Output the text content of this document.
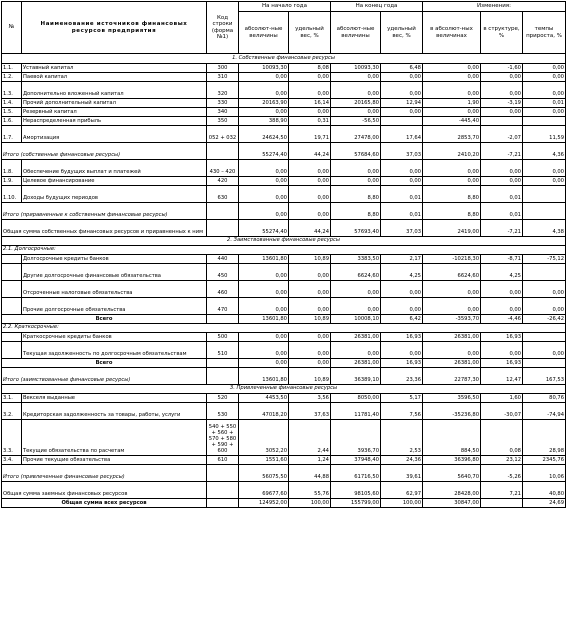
№	Наименование источников финансовых ресурсов предприятия	Код строки (форма №1)	На начало года		На конец года		Изменения:		
			абсолют-ные величины	удельный вес, %	абсолют-ные величины	удельный вес, %	в абсолют-ных величинах	в структуре, %	темпы прироста, %
1. Собственные финансовые ресурсы									
1.1.	Уставный капитал	300	10093,30	8,08	10093,30	6,48	0,00	-1,60	0,00
1.2.	Паевой капитал	310	0,00	0,00	0,00	0,00	0,00	0,00	0,00
1.3.	Дополнительно вложенный капитал	320	0,00	0,00	0,00	0,00	0,00	0,00	0,00
1.4.	Прочий дополнительный капитал	330	20163,90	16,14	20165,80	12,94	1,90	-3,19	0,01
1.5.	Резервный капитал	340	0,00	0,00	0,00	0,00	0,00	0,00	0,00
1.6.	Нераспределенная прибыль	350	388,90	0,31	-56,50		-445,40		
1.7.	Амортизация	052 + 032	24624,50	19,71	27478,00	17,64	2853,70	-2,07	11,59
Итого (собственные финансовые ресурсы)			55274,40	44,24	57684,60	37,03	2410,20	-7,21	4,36
1.8.	Обеспечение будущих выплат и платежей	430 – 420	0,00	0,00	0,00	0,00	0,00	0,00	0,00
1.9.	Целевое финансирование	420	0,00	0,00	0,00	0,00	0,00	0,00	0,00
1.10.	Доходы будущих периодов	630	0,00	0,00	8,80	0,01	8,80	0,01	
Итого (приравненные к собственным финансовые ресурсы)			0,00	0,00	8,80	0,01	8,80	0,01	
Общая сумма собственных финансовых ресурсов и приравненных к ним			55274,40	44,24	57693,40	37,03	2419,00	-7,21	4,38
2. Заимствованные финансовые ресурсы									
2.1. Долгосрочные:									
	Долгосрочные кредиты банков	440	13601,80	10,89	3383,50	2,17	-10218,30	-8,71	-75,12
	Другие долгосрочные финансовые обязательства	450	0,00	0,00	6624,60	4,25	6624,60	4,25	
	Отсроченные налоговые обязательства	460	0,00	0,00	0,00	0,00	0,00	0,00	0,00
	Прочие долгосрочные обязательства	470	0,00	0,00	0,00	0,00	0,00	0,00	0,00
Всего			13601,80	10,89	10008,10	6,42	-3593,70	-4,46	-26,42
2.2. Краткосрочные:									
	Краткосрочные кредиты банков	500	0,00	0,00	26381,00	16,93	26381,00	16,93	
	Текущая задолженность по долгосрочным обязательствам	510	0,00	0,00	0,00	0,00	0,00	0,00	0,00
Всего			0,00	0,00	26381,00	16,93	26381,00	16,93	
Итого (заимствованные финансовые ресурсы)			13601,80	10,89	36389,10	23,36	22787,30	12,47	167,53
3. Привлеченные финансовые ресурсы									
3.1.	Векселя выданные	520	4453,50	3,56	8050,00	5,17	3596,50	1,60	80,76
3.2.	Кредиторская задолженность за товары, работы, услуги	530	47018,20	37,63	11781,40	7,56	-35236,80	-30,07	-74,94
3.3.	Текущие обязательства по расчетам	540 + 550 + 560 + 570 + 580 + 590 + 600	3052,20	2,44	3936,70	2,53	884,50	0,08	28,98
3.4.	Прочие текущие обязательства	610	1551,60	1,24	37948,40	24,36	36396,80	23,12	2345,76
Итого (привлеченные финансовые ресурсы)			56075,50	44,88	61716,50	39,61	5640,70	-5,26	10,06
Общая сумма заемных финансовых ресурсов			69677,60	55,76	98105,60	62,97	28428,00	7,21	40,80
Общая сумма всех ресурсов			124952,00	100,00	155799,00	100,00	30847,00		24,69
